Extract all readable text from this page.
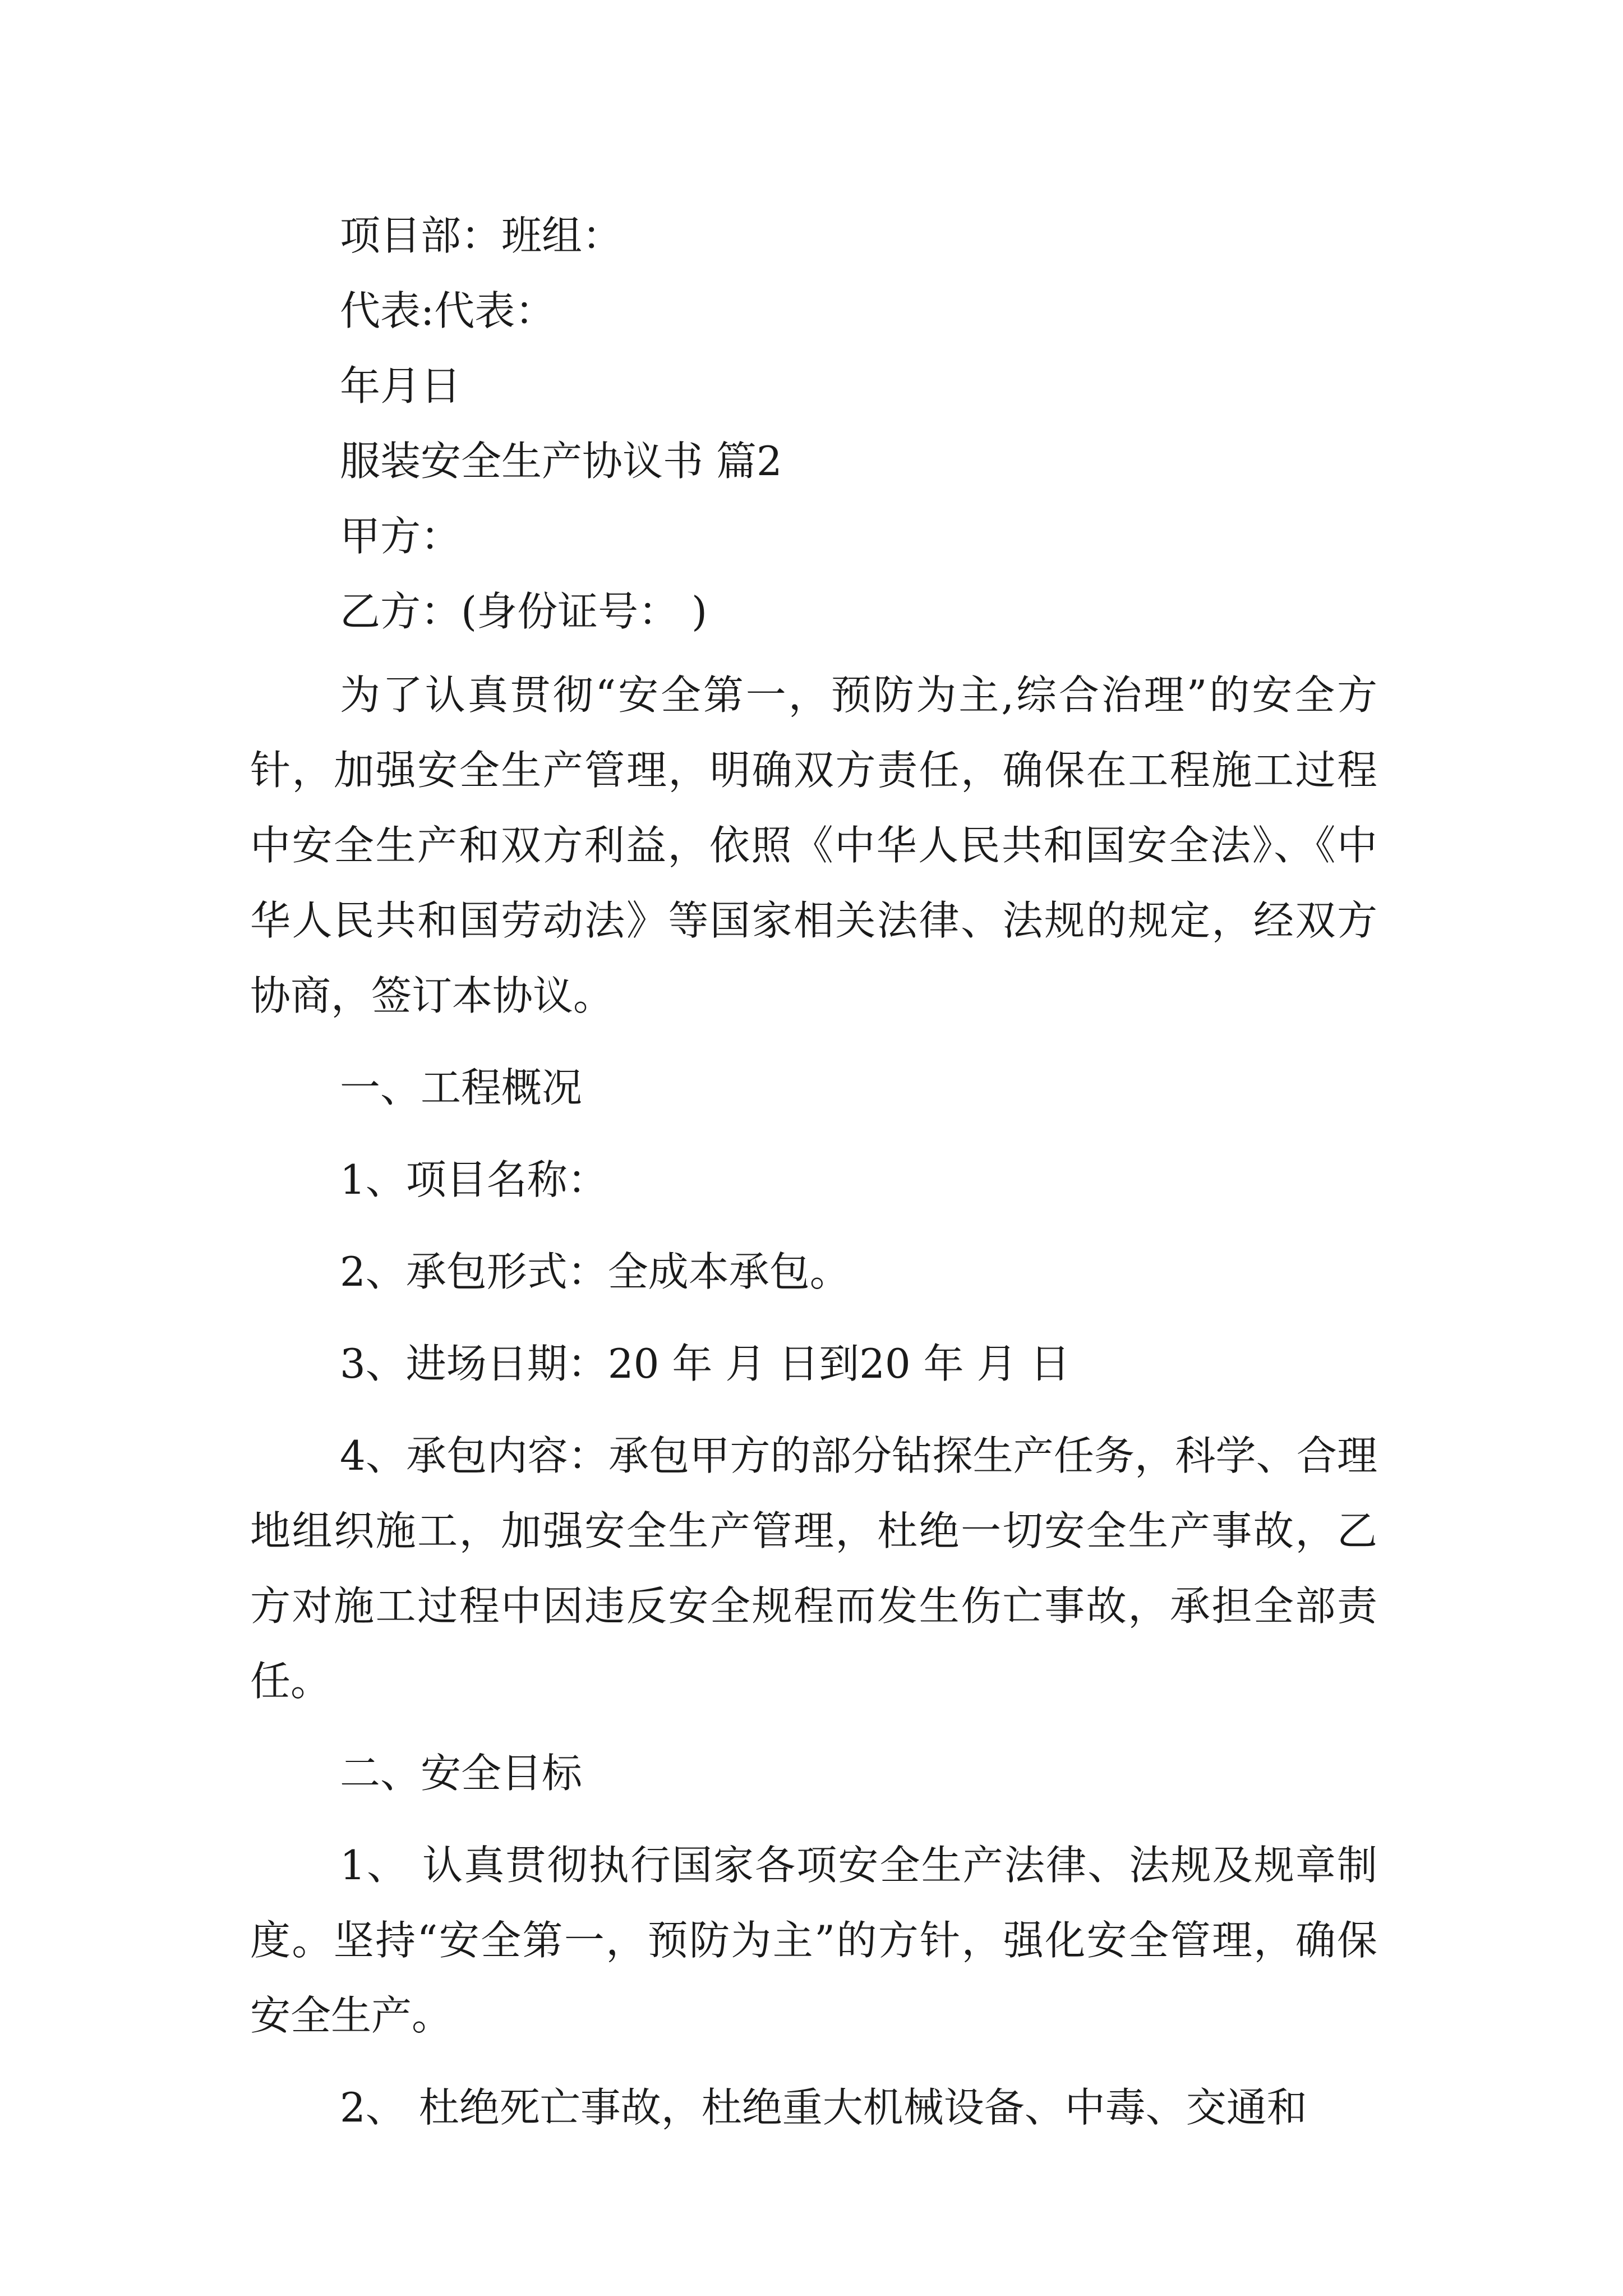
项目部：班组：
代表:代表：
年月日
服装安全生产协议书 篇2
甲方：
乙方：(身份证号： )

为了认真贯彻“安全第一，预防为主,综合治理”的安全方针，加强安全生产管理，明确双方责任，确保在工程施工过程中安全生产和双方利益，依照《中华人民共和国安全法》、《中华人民共和国劳动法》等国家相关法律、法规的规定，经双方协商，签订本协议。

一、工程概况

1、项目名称：

2、承包形式：全成本承包。

3、进场日期：20 年 月 日到20 年 月 日

4、承包内容：承包甲方的部分钻探生产任务，科学、合理地组织施工，加强安全生产管理，杜绝一切安全生产事故，乙方对施工过程中因违反安全规程而发生伤亡事故，承担全部责任。

二、安全目标

1、 认真贯彻执行国家各项安全生产法律、法规及规章制度。坚持“安全第一，预防为主”的方针，强化安全管理，确保安全生产。

2、 杜绝死亡事故，杜绝重大机械设备、中毒、交通和
